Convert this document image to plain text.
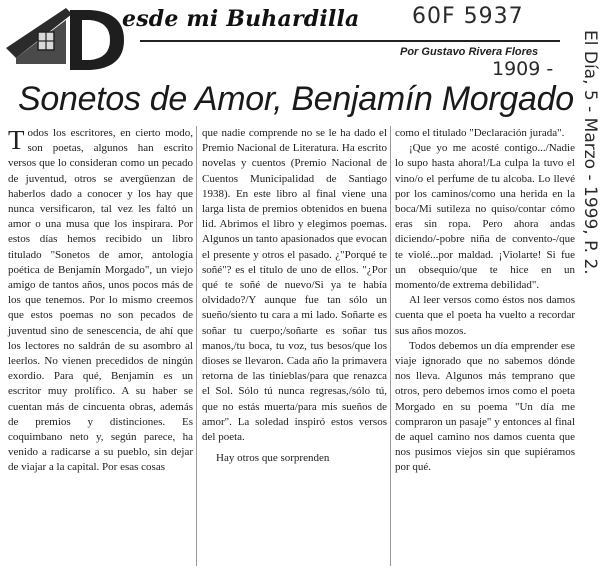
esde mi Buhardilla
Por Gustavo Rivera Flores
60F 5937
1909 - El Día, 5 - Marzo - 1999, P. 2.
Sonetos de Amor, Benjamín Morgado

Todos los escritores, en cierto modo, son poetas, algunos han escrito versos que lo consideran como un pecado de juventud, otros se avergüenzan de haberlos dado a conocer y los hay que nunca versificaron, tal vez les faltó un amor o una musa que los inspirara. Por estos días hemos recibido un libro titulado "Sonetos de amor, antología poética de Benjamín Morgado", un viejo amigo de tantos años, unos pocos más de los que tenemos. Por lo mismo creemos que estos poemas no son pecados de juventud sino de senescencia, de ahí que los lectores no saldrán de su asombro al leerlos. No vienen precedidos de ningún exordio. Para qué, Benjamín es un escritor muy prolífico. A su haber se cuentan más de cincuenta obras, además de premios y distinciones. Es coquimbano neto y, según parece, ha venido a radicarse a su pueblo, sin dejar de viajar a la capital. Por esas cosas

que nadie comprende no se le ha dado el Premio Nacional de Literatura. Ha escrito novelas y cuentos (Premio Nacional de Cuentos Municipalidad de Santiago 1938). En este libro al final viene una larga lista de premios obtenidos en buena lid. Abrimos el libro y elegimos poemas. Algunos un tanto apasionados que evocan el presente y otros el pasado. ¿"Porqué te soñé"? es el título de uno de ellos. "¿Por qué te soñé de nuevo/Si ya te había olvidado?/Y aunque fue tan sólo un sueño/siento tu cara a mi lado. Soñarte es soñar tu cuerpo;/soñarte es soñar tus manos,/tu boca, tu voz, tus besos/que los dioses se llevaron. Cada año la primavera retorna de las tinieblas/para que renazca el Sol. Sólo tú nunca regresas,/sólo tú, que no estás muerta/para mis sueños de amor". La soledad inspiró estos versos del poeta.

Hay otros que sorprenden

como el titulado "Declaración jurada".

¡Que yo me acosté contigo.../Nadie lo supo hasta ahora!/La culpa la tuvo el vino/o el perfume de tu alcoba. Lo llevé por los caminos/como una herida en la boca/Mi sutileza no quiso/contar cómo eras sin ropa. Pero ahora andas diciendo/-pobre niña de convento-/que te violé...por maldad. ¡Violarte! Si fue un obsequio/que te hice en un momento/de extrema debilidad".

Al leer versos como éstos nos damos cuenta que el poeta ha vuelto a recordar sus años mozos.

Todos debemos un día emprender ese viaje ignorado que no sabemos dónde nos lleva. Algunos más temprano que otros, pero debemos irnos como el poeta Morgado en su poema "Un día me compraron un pasaje" y entonces al final de aquel camino nos damos cuenta que nos pusimos viejos sin que supiéramos por qué.
